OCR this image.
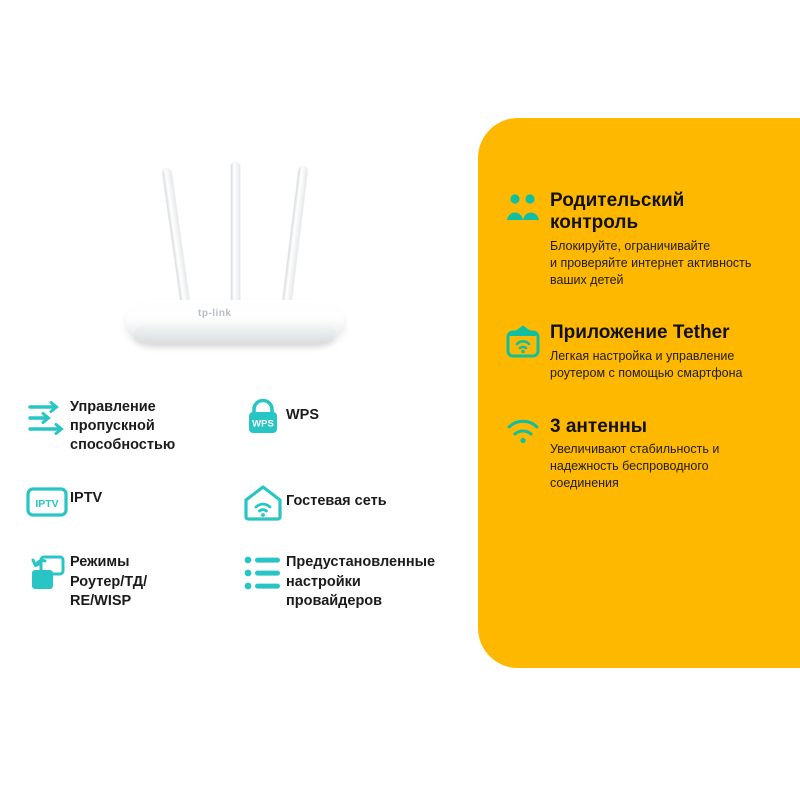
tp-link
Управление
пропускной
способностью
WPS
WPS
IPTV IPTV	Гостевая сеть
Режимы
Роутер/ТД/
RE/WISP
Предустановленные
настройки
провайдеров
Родительский контроль
Блокируйте, ограничивайте
и проверяйте интернет активность
ваших детей
Приложение Tether
Легкая настройка и управление
роутером с помощью смартфона
3 антенны
Увеличивают стабильность и
надежность беспроводного
соединения
